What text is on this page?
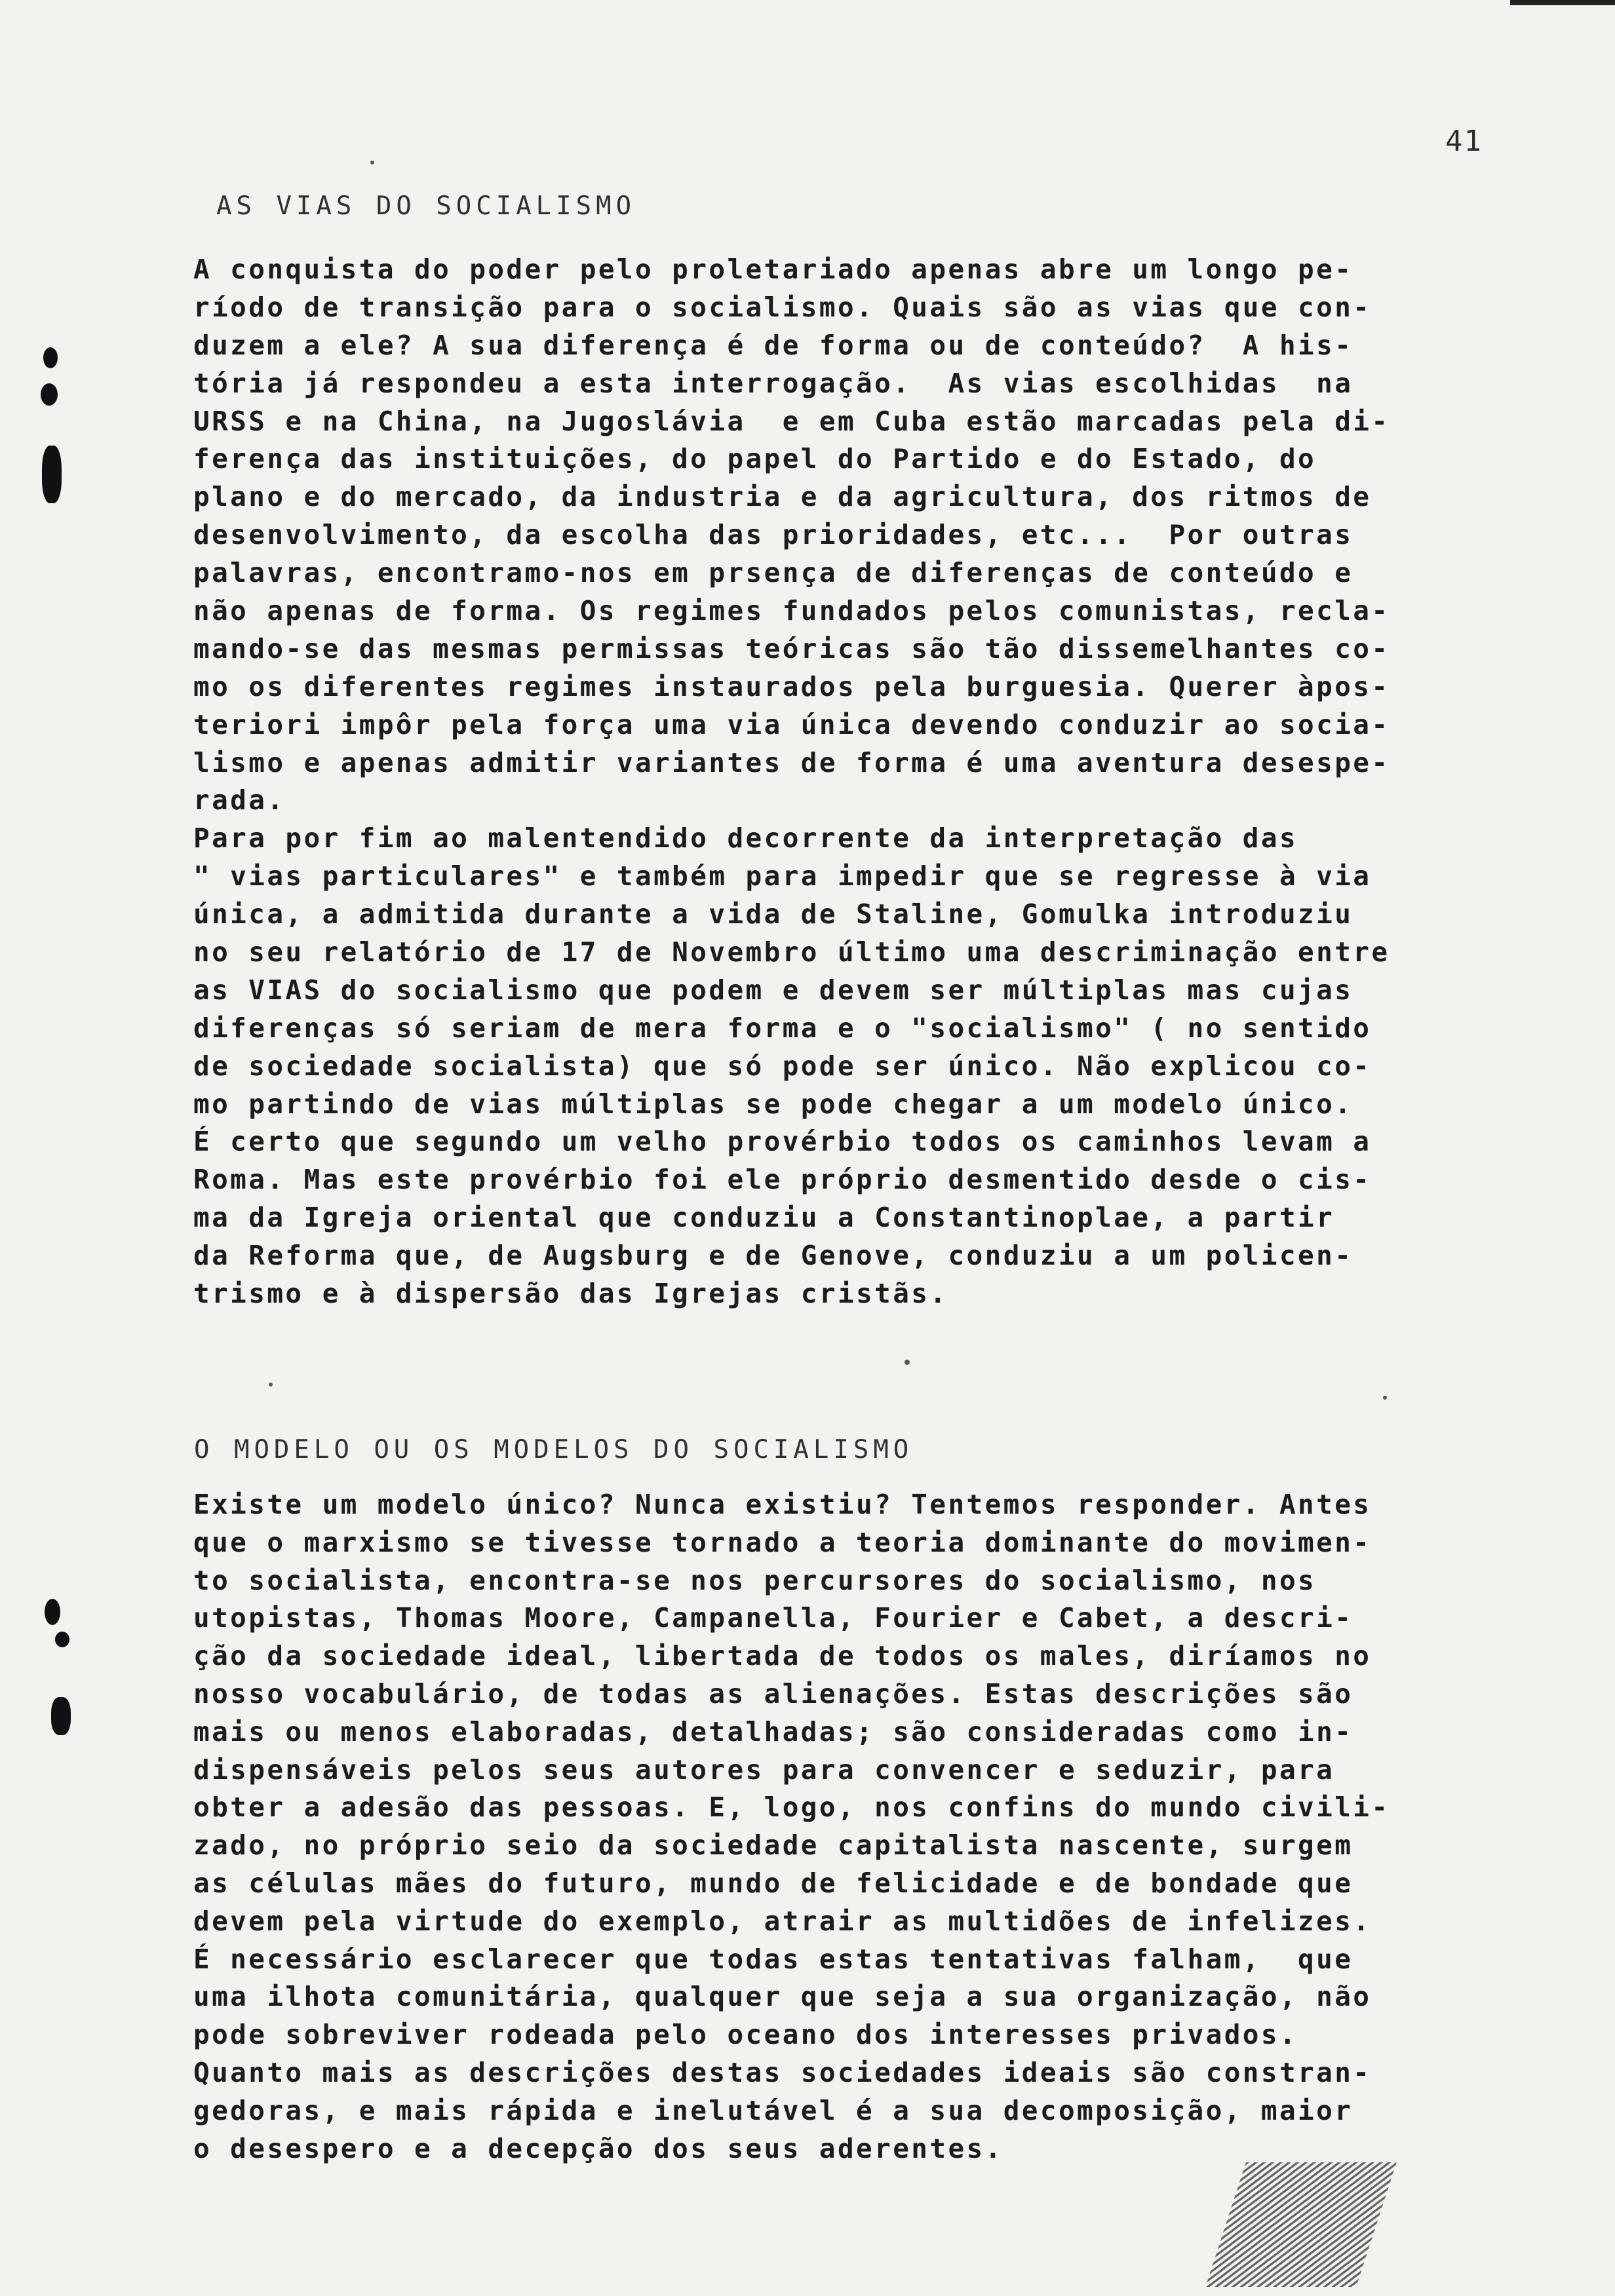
41
AS VIAS DO SOCIALISMO
A conquista do poder pelo proletariado apenas abre um longo pe-
ríodo de transição para o socialismo. Quais são as vias que con-
duzem a ele? A sua diferença é de forma ou de conteúdo?  A his-
tória já respondeu a esta interrogação.  As vias escolhidas  na
URSS e na China, na Jugoslávia  e em Cuba estão marcadas pela di-
ferença das instituições, do papel do Partido e do Estado, do
plano e do mercado, da industria e da agricultura, dos ritmos de
desenvolvimento, da escolha das prioridades, etc...  Por outras
palavras, encontramo-nos em prsença de diferenças de conteúdo e
não apenas de forma. Os regimes fundados pelos comunistas, recla-
mando-se das mesmas permissas teóricas são tão dissemelhantes co-
mo os diferentes regimes instaurados pela burguesia. Querer àpos-
teriori impôr pela força uma via única devendo conduzir ao socia-
lismo e apenas admitir variantes de forma é uma aventura desespe-
rada.
Para por fim ao malentendido decorrente da interpretação das
" vias particulares" e também para impedir que se regresse à via
única, a admitida durante a vida de Staline, Gomulka introduziu
no seu relatório de 17 de Novembro último uma descriminação entre
as VIAS do socialismo que podem e devem ser múltiplas mas cujas
diferenças só seriam de mera forma e o "socialismo" ( no sentido
de sociedade socialista) que só pode ser único. Não explicou co-
mo partindo de vias múltiplas se pode chegar a um modelo único.
É certo que segundo um velho provérbio todos os caminhos levam a
Roma. Mas este provérbio foi ele próprio desmentido desde o cis-
ma da Igreja oriental que conduziu a Constantinoplae, a partir
da Reforma que, de Augsburg e de Genove, conduziu a um policen-
trismo e à dispersão das Igrejas cristãs.
O MODELO OU OS MODELOS DO SOCIALISMO
Existe um modelo único? Nunca existiu? Tentemos responder. Antes
que o marxismo se tivesse tornado a teoria dominante do movimen-
to socialista, encontra-se nos percursores do socialismo, nos
utopistas, Thomas Moore, Campanella, Fourier e Cabet, a descri-
ção da sociedade ideal, libertada de todos os males, diríamos no
nosso vocabulário, de todas as alienações. Estas descrições são
mais ou menos elaboradas, detalhadas; são consideradas como in-
dispensáveis pelos seus autores para convencer e seduzir, para
obter a adesão das pessoas. E, logo, nos confins do mundo civili-
zado, no próprio seio da sociedade capitalista nascente, surgem
as células mães do futuro, mundo de felicidade e de bondade que
devem pela virtude do exemplo, atrair as multidões de infelizes.
É necessário esclarecer que todas estas tentativas falham,  que
uma ilhota comunitária, qualquer que seja a sua organização, não
pode sobreviver rodeada pelo oceano dos interesses privados.
Quanto mais as descrições destas sociedades ideais são constran-
gedoras, e mais rápida e inelutável é a sua decomposição, maior
o desespero e a decepção dos seus aderentes.
